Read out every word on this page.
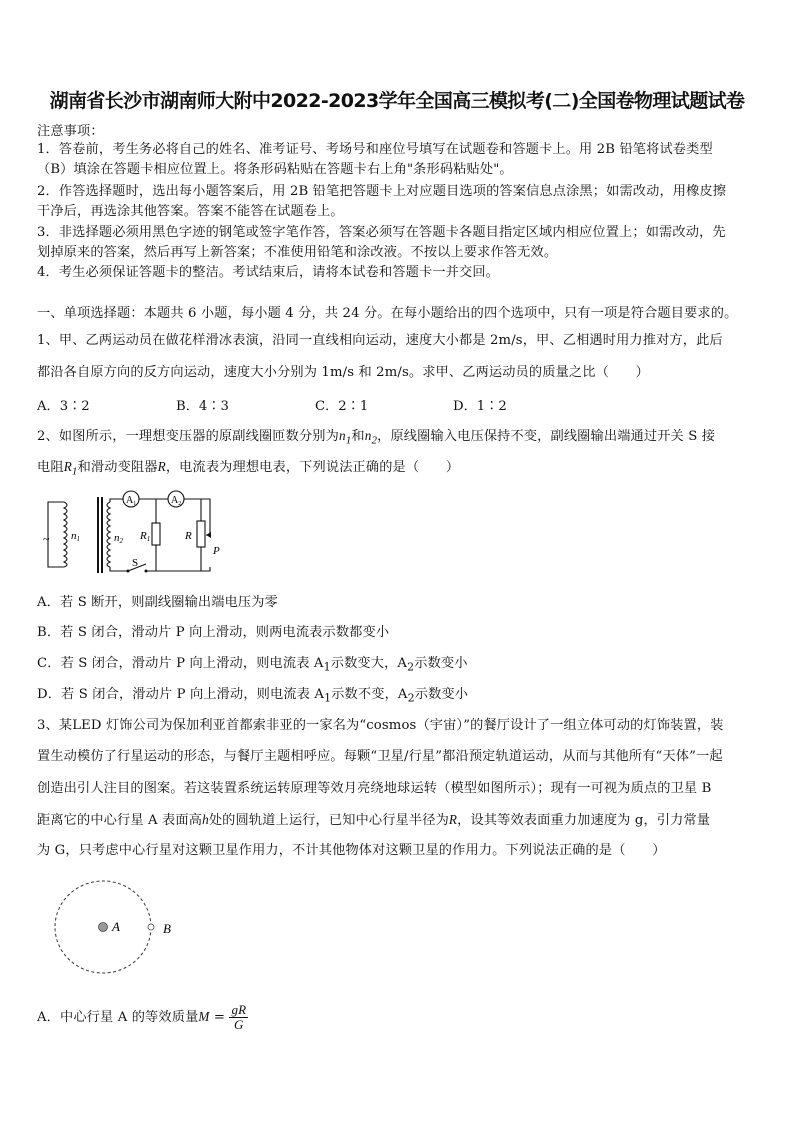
湖南省长沙市湖南师大附中2022-2023学年全国高三模拟考(二)全国卷物理试题试卷
注意事项：
1．答卷前，考生务必将自己的姓名、准考证号、考场号和座位号填写在试题卷和答题卡上。用 2B 铅笔将试卷类型
（B）填涂在答题卡相应位置上。将条形码粘贴在答题卡右上角"条形码粘贴处"。
2．作答选择题时，选出每小题答案后，用 2B 铅笔把答题卡上对应题目选项的答案信息点涂黑；如需改动，用橡皮擦
干净后，再选涂其他答案。答案不能答在试题卷上。
3．非选择题必须用黑色字迹的钢笔或签字笔作答，答案必须写在答题卡各题目指定区域内相应位置上；如需改动，先
划掉原来的答案，然后再写上新答案；不准使用铅笔和涂改液。不按以上要求作答无效。
4．考生必须保证答题卡的整洁。考试结束后，请将本试卷和答题卡一并交回。
一、单项选择题：本题共 6 小题，每小题 4 分，共 24 分。在每小题给出的四个选项中，只有一项是符合题目要求的。
1、甲、乙两运动员在做花样滑冰表演，沿同一直线相向运动，速度大小都是 2m/s，甲、乙相遇时用力推对方，此后
都沿各自原方向的反方向运动，速度大小分别为 1m/s 和 2m/s。求甲、乙两运动员的质量之比（　　）
A．3∶2	B．4∶3	C．2∶1	D．1∶2
2、如图所示，一理想变压器的原副线圈匝数分别为$n_1$和$n_2$，原线圈输入电压保持不变，副线圈输出端通过开关 S 接
电阻$R_1$和滑动变阻器R，电流表为理想电表，下列说法正确的是（　　）
~ n1	n2
$A_1$	$A_2$
R1	R
P
S
A．若 S 断开，则副线圈输出端电压为零
B．若 S 闭合，滑动片 P 向上滑动，则两电流表示数都变小
C．若 S 闭合，滑动片 P 向上滑动，则电流表 $A_1$示数变大，$A_2$示数变小
D．若 S 闭合，滑动片 P 向上滑动，则电流表 $A_1$示数不变，$A_2$示数变小
3、某LED 灯饰公司为保加利亚首都索非亚的一家名为“cosmos（宇宙）”的餐厅设计了一组立体可动的灯饰装置，装
置生动模仿了行星运动的形态，与餐厅主题相呼应。每颗“卫星/行星”都沿预定轨道运动，从而与其他所有“天体”一起
创造出引人注目的图案。若这装置系统运转原理等效月亮绕地球运转（模型如图所示）；现有一可视为质点的卫星 B
距离它的中心行星 A 表面高h处的圆轨道上运行，已知中心行星半径为R，设其等效表面重力加速度为 g，引力常量
为 G，只考虑中心行星对这颗卫星作用力，不计其他物体对这颗卫星的作用力。下列说法正确的是（　　）
A	B
A．中心行星 A 的等效质量$M = \frac{gR}{G}$
